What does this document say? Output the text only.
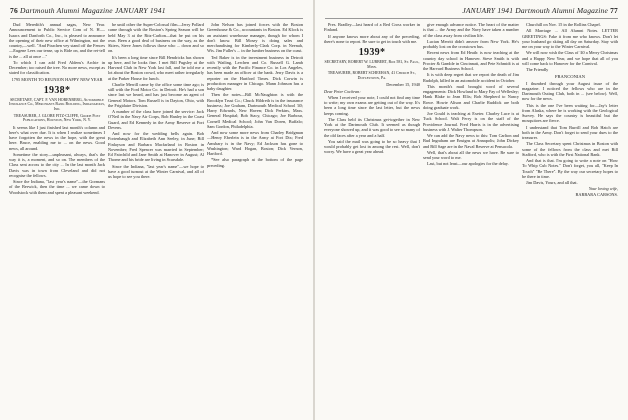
76 Dartmouth Alumni Magazine JANUARY 1941

Dud Meredith's annual sagas, New Year. Announcement to Public Service Com of N. H.—Isaacs and Danforth Co., Inc., is pleased to announce the opening of their new office at Wilmington, not the country,—well. "And Ptrachen vey stand off the Fences—Eugene Lees our tense, up is Ride on, and the ret-tell is the ... all at once ..."

To which I can add Fred Aldens's Archie in December; too raised the tree. No more news, except as stated for classification.

1795 MONTH TO REUNION HAPPY NEW YEAR
1938*
SECRETARY, CAPT. F. VAN HORENBERG, Automobile Insurance Co., Merchants Bank Building, Indianapolis, Ind.
TREASURER, J. GLOBE FITZ-CLIFFE, Goode Post Publications, Houston, New York, N. Y.

It seems like I just finished last month's column and here's what over due. It is when I realize sometimes I have forgotten the news in the hope, with the great here. Bruce, enabling me to ... on the news. Good news, all around.

Sometime the story—unpleasant, always, that's the way it is, a moment, and so on. The members of the Class sent across to the city ... In the last month Jack Davis was in town from Cleveland and did not recognise the fellows.

Since the Indiana, "last year's name"—the Gormans of the Berwick, then the time ... we came down to Woodstock with them and spent a pleasant weekend.

be until other the Super-Colossal film—Jerry Pollard came through with the Boston's Spring Season will be held May 3 at the Ritz-Carlton—that he put on his own. Been a good deal of business on the way, as the Skiers, Steve Jones follows those who ... down and so on.

It's been a long time since Bill Hendricks has shown up here, and he looks fine. I met Bill Pugsley at the Harvard Club in New York last fall, and he told me a lot about the Boston crowd, who meet rather irregularly at the Parker House for lunch.

Charlie Merrill came by the office some time ago; is still with the Ford Motor Co. in Detroit. He's had a son since last we heard, and has just become an agent of General Motors. Tom Russell is in Dayton, Ohio, with the Frigidaire Division.

A number of the class have joined the service: Jack O'Neil in the Navy Air Corps, Bob Hanley in the Coast Guard, and Ed Kennedy in the Army Reserve at Fort Devens.

And now for the wedding bells again. Bob Fortenbaugh and Elizabeth Ann Seeley, in June; Bill Finlayson and Barbara Macfarland in Boston in November; Fred Spencer was married in September; Ed Fairchild and Jane Smith at Hanover in August; Al Thorne and his bride are living in Scarsdale.

Since the Indiana, "last year's name"—we hope to have a good turnout at the Winter Carnival, and all of us hope to see you there.

John Nelson has joined forces with the Boston Greenhouse & Co., accountants in Boston. Ed Klock is an assistant warehouse manager, though for whom I don't know. Bill Mosey is doing sales and merchandising for Kimberly-Clark Corp. in Neenah, Wis. Jim Fuller's ... in the lumber business on the coast.

Ted Baker is in the investment business in Detroit with Watling, Lerchen and Co. Russell G. Lamb recently with the Pacific Finance Co. in Los Angeles, has been made an officer at the bank. Jerry Davis is a reporter on the Hartford Times. Dick Corwin is production manager in Chicago. Mann Johnson has a baby daughter.

Then the notes—Bill McNaughton is with the Brooklyn Trust Co.; Chuck Hildreth is in the insurance business; Joe Graham, Dartmouth Medical School '40; Harry Edwards, New Haven; Dick Perkins, Mass. General Hospital; Bob Stacy, Chicago; Joe Barbour, Cornell Medical School; John Van Doren, Buffalo; Sam Gordon, Philadelphia.

And now some more news from Charley Bridgman—Henry Eberlein is in the Army at Fort Dix; Fred Amsbary is in the Navy; Ed Jackson has gone to Washington; Ward Hogan, Boston; Dick Vernon, Hartford.

*See also paragraph at the bottom of the page preceding.

JANUARY 1941 Dartmouth Alumni Magazine 77

Pres. Bradley—last heard of a Red Cross worker in Finland.

If anyone knows more about any of the preceding, there's none to report. Be sure to get in touch with me.

1939*
SECRETARY, ROBERT W. LUBBERT, Box 581, St. Paul, Minn.
TREASURER, ROBERT SCHEEHAN, 41 Church St., Doylestown, Pa.
December 15, 1940
Dear Peter Cochran:

When I received your note, I could not find any time to write; my own exams are getting out of the way. It's been a long time since the last letter, but the news keeps coming.

The Class held its Christmas get-together in New York at the Dartmouth Club. It seemed as though everyone showed up, and it was good to see so many of the old faces after a year and a half.

You said the mail was going to be so heavy that I would probably get lost in among the rest. Well, don't worry. We have a great year ahead.

give enough advance notice. The heart of the matter is that ... the Army and the Navy have taken a number of the class away from civilian life.

Lucian Merritt didn't answer from New York. He's probably lost on the crosstown bus.

Recent news from Ed Heath: is now teaching at the country day school in Hanover. Steve Smith is with Procter & Gamble in Cincinnati, and Pete Schmidt is at the Harvard Business School.

It is with deep regret that we report the death of Jim Rudolph, killed in an automobile accident in October.

This month's mail brought word of several engagements: Dick Howland to Mary Fay of Wellesley; Hank Blake to Jean Ellis; Bob Shepherd to Nancy Rowe. Howie Alison and Charlie Ruddick are both doing graduate work.

Joe Gould is teaching at Exeter. Charley Luce is at Tuck School. Walt Ferry is on the staff of the Providence Journal. Fred Harris is in the advertising business with J. Walter Thompson.

We can add the Navy news to this: Tom Carlton and Bud Ingraham are Ensigns at Annapolis; John Dickey and Bill Sage are in the Naval Reserve at Pensacola.

Well, that's about all the news we have. Be sure to send your word to me.

Last, but not least—our apologies for the delay.

Churchill on Nov. 15 in the Rollins Chapel.

All Marriage ... All Alumni Notes. LETTER GREETINGS: Fake it from me who knows. Don't let your husband go skiing all day on Saturday. Stay with me on your way to the Winter Carnival.

We will now wish the Class of '40 a Merry Christmas and a Happy New Year, and we hope that all of you will come back to Hanover for the Carnival.

The Friendly

FRANCONIAN

I thumbed through your August issue of the magazine. I noticed the fellows who are in the Dartmouth Outing Club, both in ... (see below). Well, now for the news.

This is the one I've been waiting for—Jay's letter from Alaska, where he is working with the Geological Survey. He says the country is beautiful but the mosquitoes are fierce.

I understand that Tom Burrill and Bob Hatch are both in the Army. Don't forget to send your dues to the treasurer.

The Class Secretary spent Christmas in Boston with some of the fellows from the class and met Bill Stafford, who is with the First National Bank.

And that is that. I'm going to write a note on "How To Whip Cub Notes." Don't forget, you all, "Keep In Touch" "Be There". By the way our secretary hopes to be there in time.

Jim Davis, Yours, and all that.

Your loving wife,
BARBARA CARSONS.
